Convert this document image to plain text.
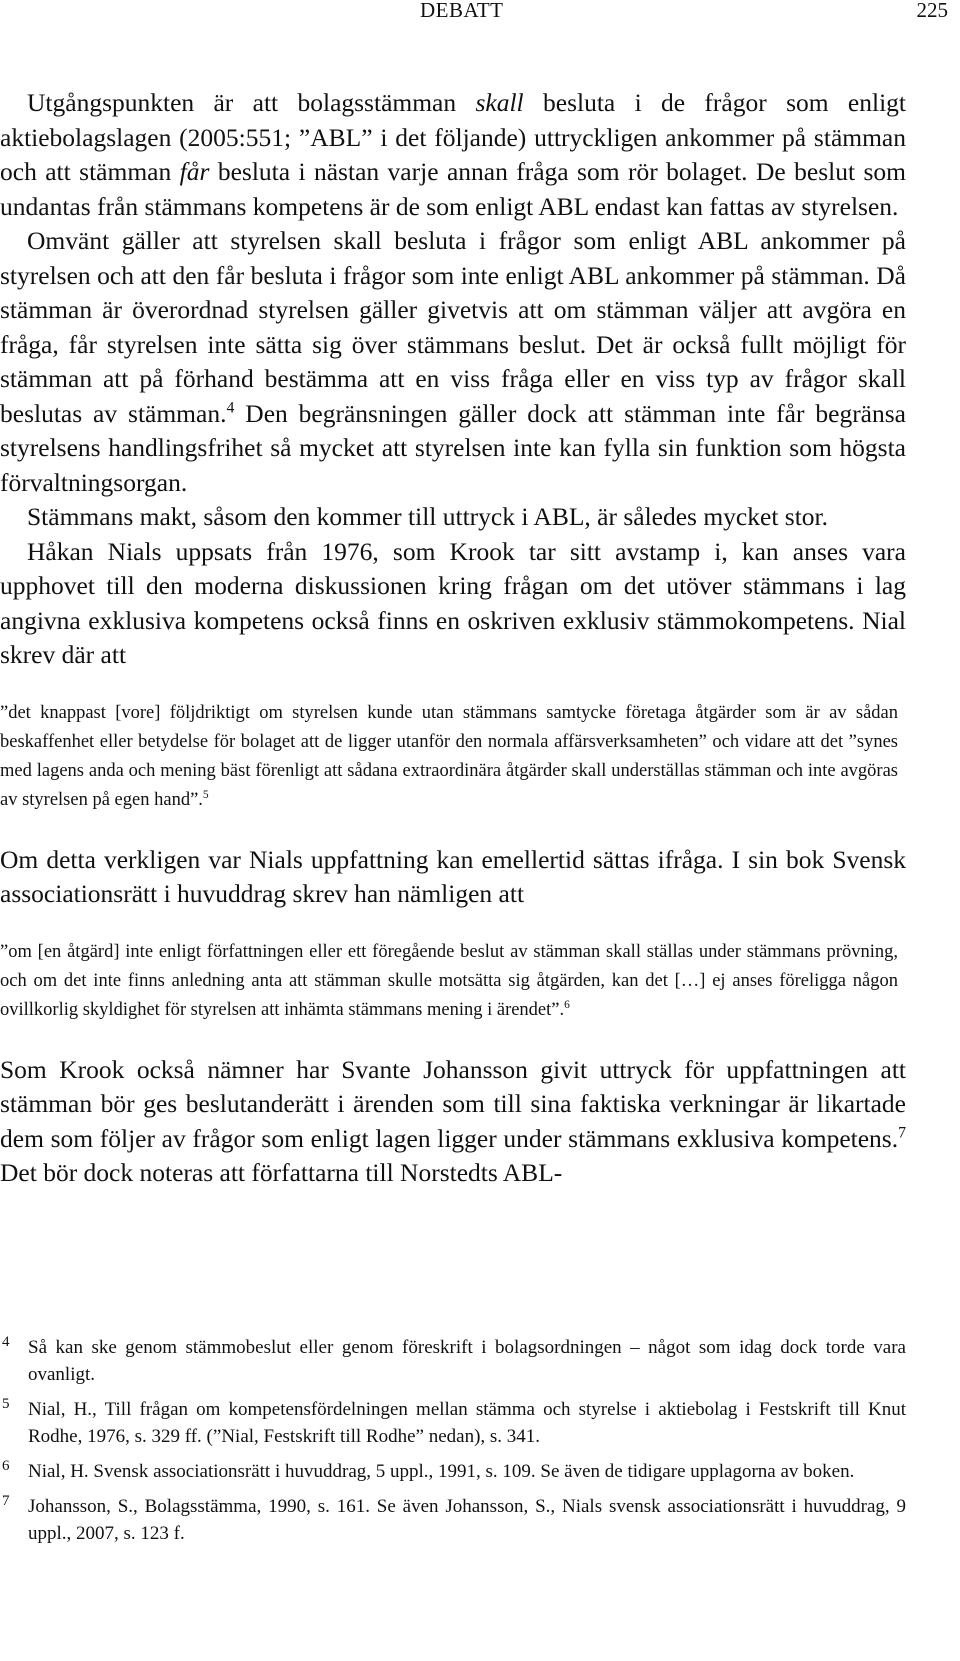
DEBATT	225

Utgångspunkten är att bolagsstämman skall besluta i de frågor som enligt aktiebolagslagen (2005:551; ”ABL” i det följande) uttryckligen ankommer på stämman och att stämman får besluta i nästan varje annan fråga som rör bolaget. De beslut som undantas från stämmans kompetens är de som enligt ABL endast kan fattas av styrelsen.

Omvänt gäller att styrelsen skall besluta i frågor som enligt ABL ankommer på styrelsen och att den får besluta i frågor som inte enligt ABL ankommer på stämman. Då stämman är överordnad styrelsen gäller givetvis att om stämman väljer att avgöra en fråga, får styrelsen inte sätta sig över stämmans beslut. Det är också fullt möjligt för stämman att på förhand bestämma att en viss fråga eller en viss typ av frågor skall beslutas av stämman.$^4$ Den begränsningen gäller dock att stämman inte får begränsa styrelsens handlingsfrihet så mycket att styrelsen inte kan fylla sin funktion som högsta förvaltningsorgan.

Stämmans makt, såsom den kommer till uttryck i ABL, är således mycket stor.

Håkan Nials uppsats från 1976, som Krook tar sitt avstamp i, kan anses vara upphovet till den moderna diskussionen kring frågan om det utöver stämmans i lag angivna exklusiva kompetens också finns en oskriven exklusiv stämmokompetens. Nial skrev där att

”det knappast [vore] följdriktigt om styrelsen kunde utan stämmans samtycke företaga åtgärder som är av sådan beskaffenhet eller betydelse för bolaget att de ligger utanför den normala affärsverksamheten” och vidare att det ”synes med lagens anda och mening bäst förenligt att sådana extraordinära åtgärder skall underställas stämman och inte avgöras av styrelsen på egen hand”.$^5$

Om detta verkligen var Nials uppfattning kan emellertid sättas ifråga. I sin bok Svensk associationsrätt i huvuddrag skrev han nämligen att

”om [en åtgärd] inte enligt författningen eller ett föregående beslut av stämman skall ställas under stämmans prövning, och om det inte finns anledning anta att stämman skulle motsätta sig åtgärden, kan det […] ej anses föreligga någon ovillkorlig skyldighet för styrelsen att inhämta stämmans mening i ärendet”.$^6$

Som Krook också nämner har Svante Johansson givit uttryck för uppfattningen att stämman bör ges beslutanderätt i ärenden som till sina faktiska verkningar är likartade dem som följer av frågor som enligt lagen ligger under stämmans exklusiva kompetens.$^7$ Det bör dock noteras att författarna till Norstedts ABL-

4 Så kan ske genom stämmobeslut eller genom föreskrift i bolagsordningen – något som idag dock torde vara ovanligt.

5 Nial, H., Till frågan om kompetensfördelningen mellan stämma och styrelse i aktiebolag i Festskrift till Knut Rodhe, 1976, s. 329 ff. (”Nial, Festskrift till Rodhe” nedan), s. 341.

6 Nial, H. Svensk associationsrätt i huvuddrag, 5 uppl., 1991, s. 109. Se även de tidigare upplagorna av boken.

7 Johansson, S., Bolagsstämma, 1990, s. 161. Se även Johansson, S., Nials svensk associationsrätt i huvuddrag, 9 uppl., 2007, s. 123 f.
